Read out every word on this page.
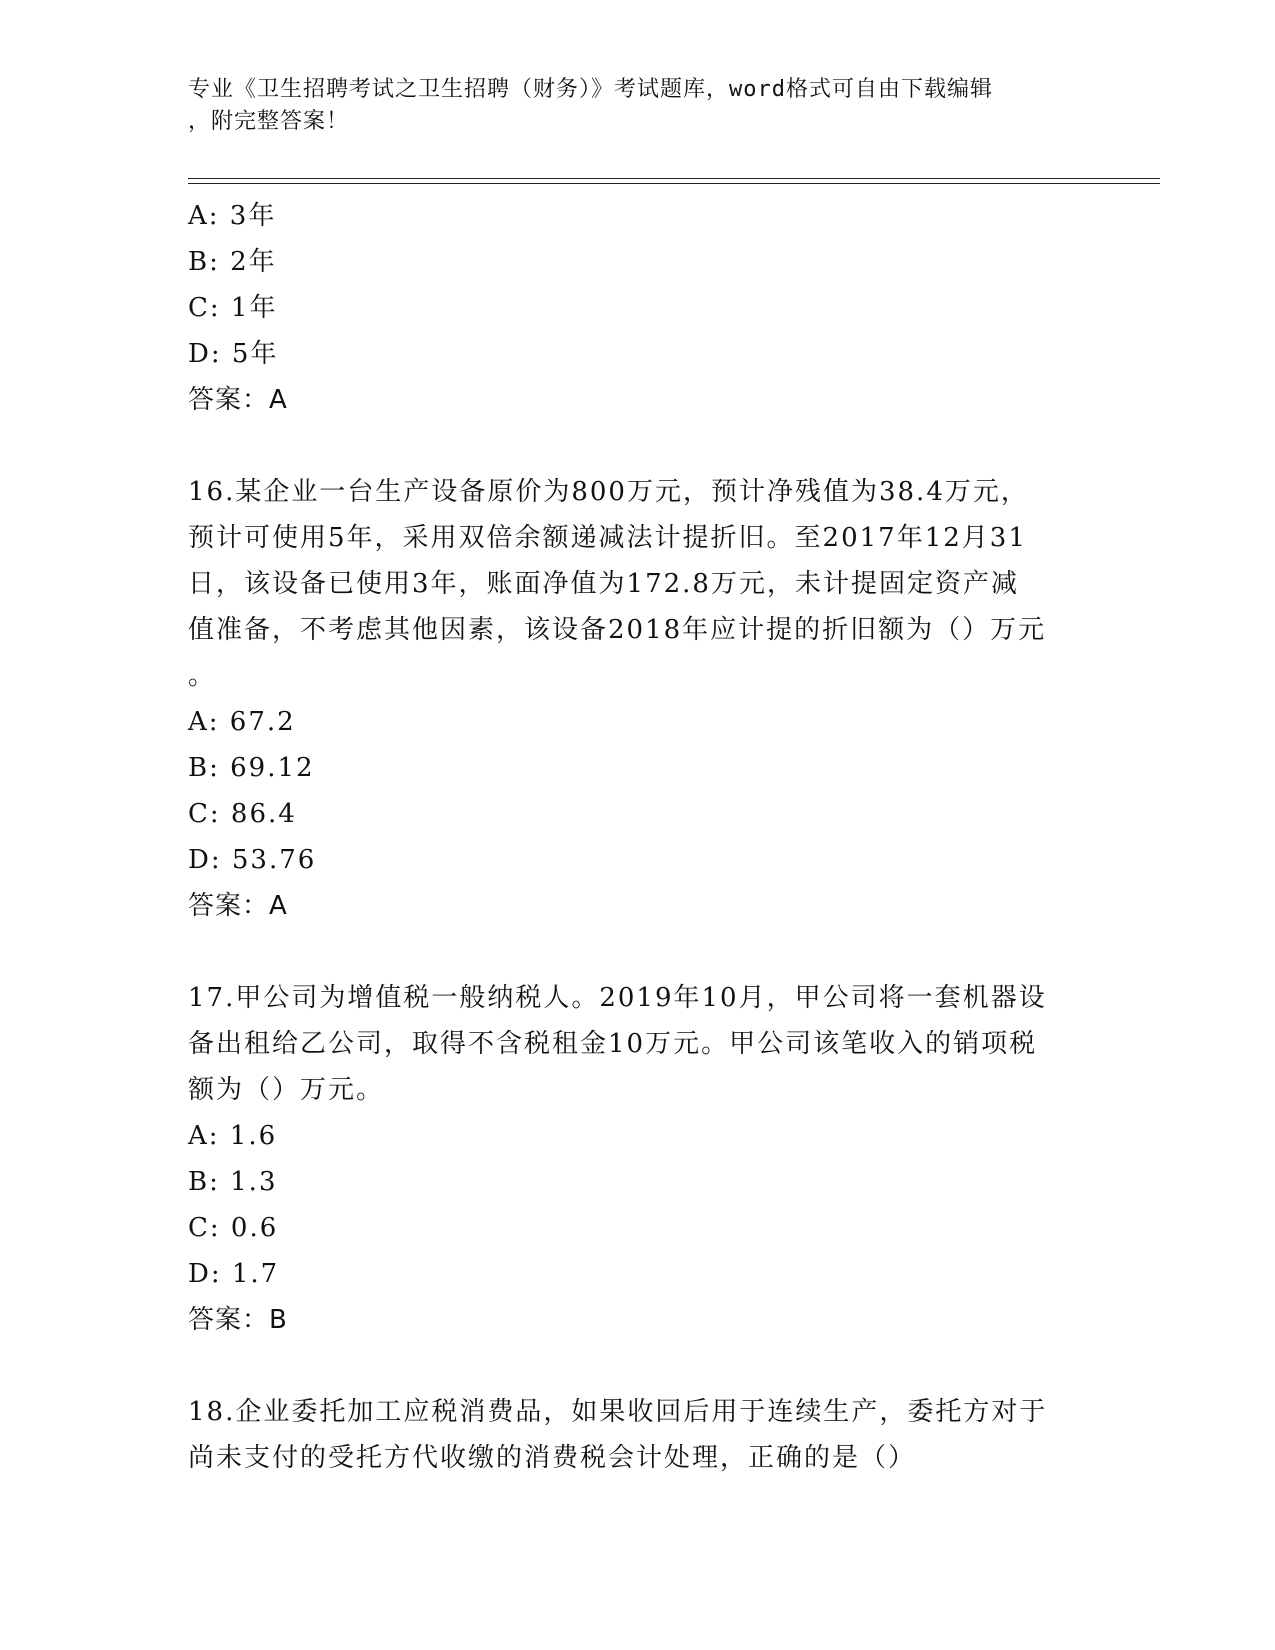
专业《卫生招聘考试之卫生招聘（财务）》考试题库，word格式可自由下载编辑
，附完整答案！
A: 3年
B: 2年
C: 1年
D: 5年
答案：A
16.某企业一台生产设备原价为800万元，预计净残值为38.4万元，
预计可使用5年，采用双倍余额递减法计提折旧。至2017年12月31
日，该设备已使用3年，账面净值为172.8万元，未计提固定资产减
值准备，不考虑其他因素，该设备2018年应计提的折旧额为（）万元
。
A: 67.2
B: 69.12
C: 86.4
D: 53.76
答案：A
17.甲公司为增值税一般纳税人。2019年10月，甲公司将一套机器设
备出租给乙公司，取得不含税租金10万元。甲公司该笔收入的销项税
额为（）万元。
A: 1.6
B: 1.3
C: 0.6
D: 1.7
答案：B
18.企业委托加工应税消费品，如果收回后用于连续生产，委托方对于
尚未支付的受托方代收缴的消费税会计处理，正确的是（）
